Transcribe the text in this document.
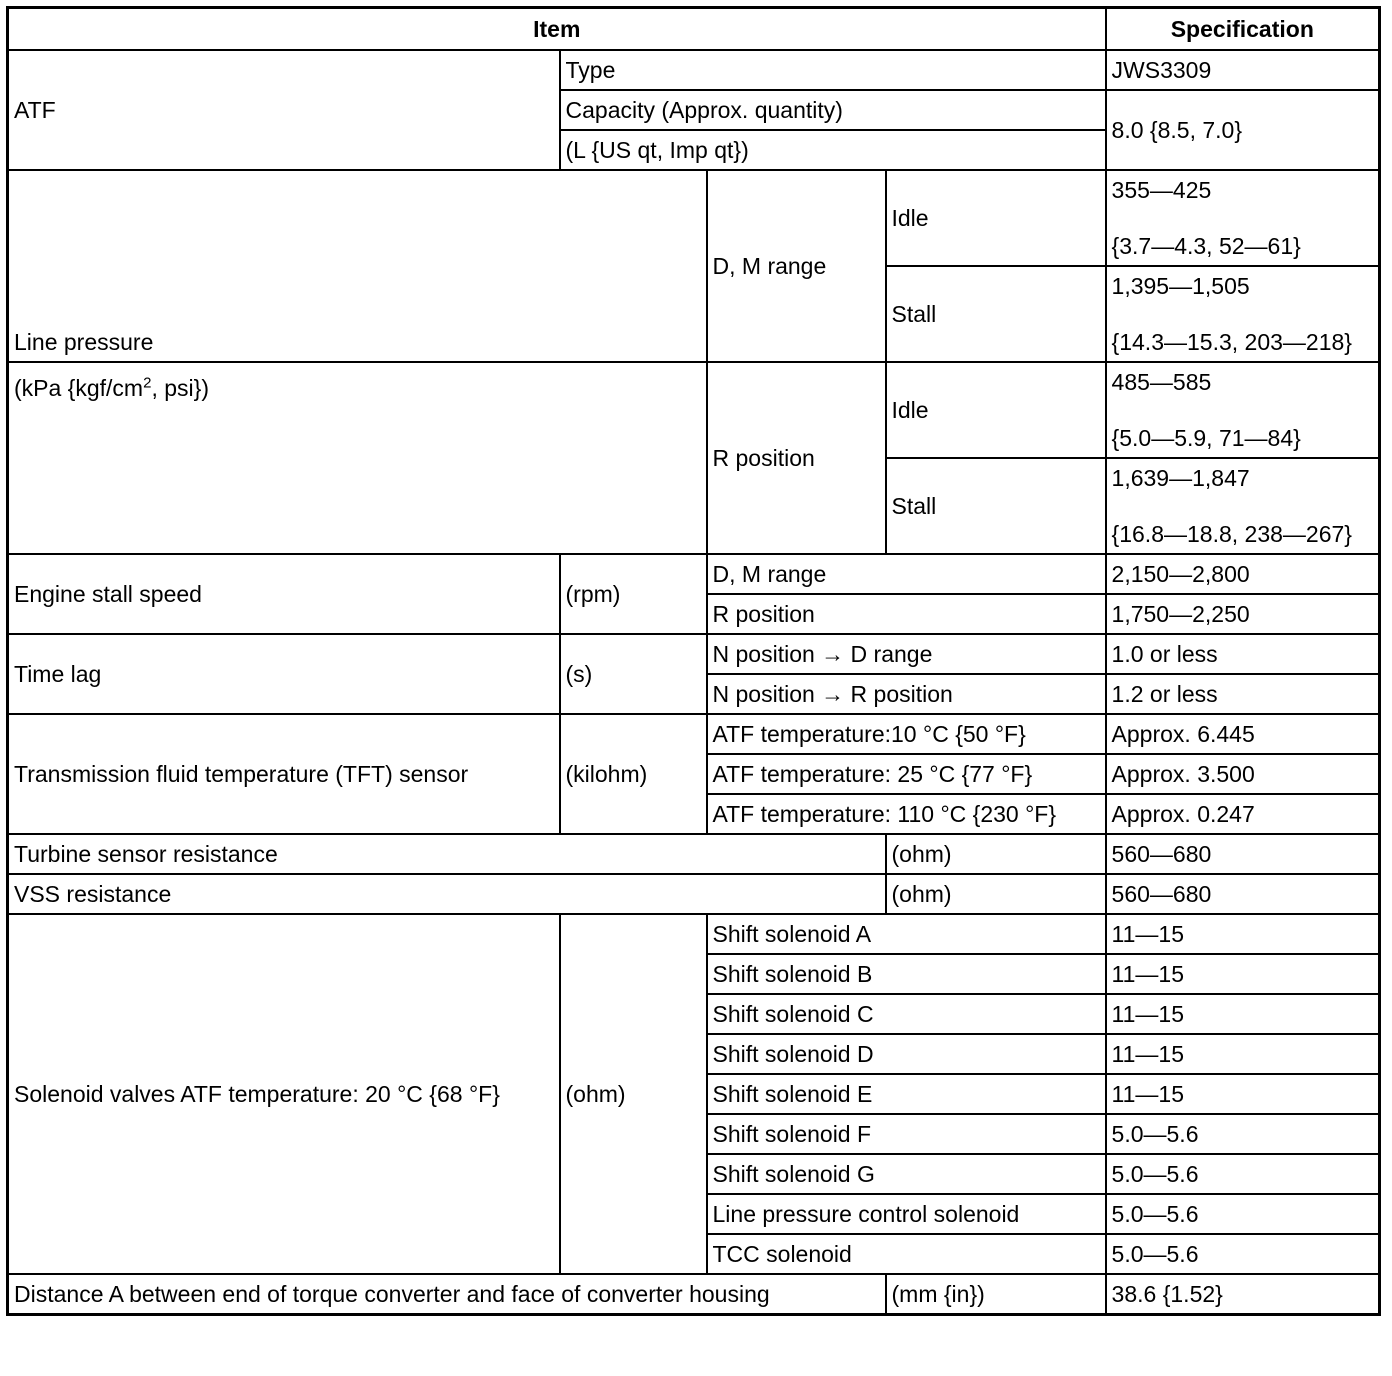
Item				Specification
ATF	Type			JWS3309
	Capacity (Approx. quantity)			8.0 {8.5, 7.0}
	(L {US qt, Imp qt})			
Line pressure		D, M range	Idle	355—425
{3.7—4.3, 52—61}

			Stall	1,395—1,505
{14.3—15.3, 203—218}

(kPa {$kgf/cm^2$, psi})		R position	Idle	485—585
{5.0—5.9, 71—84}

			Stall	1,639—1,847
{16.8—18.8, 238—267}

Engine stall speed	(rpm)	D, M range		2,150—2,800
		R position		1,750—2,250
Time lag	(s)	N position → D range		1.0 or less
		N position → R position		1.2 or less
Transmission fluid temperature (TFT) sensor	(kilohm)	ATF temperature:10 °C {50 °F}		Approx. 6.445
		ATF temperature: 25 °C {77 °F}		Approx. 3.500
		ATF temperature: 110 °C {230 °F}		Approx. 0.247
Turbine sensor resistance			(ohm)	560—680
VSS resistance			(ohm)	560—680
Solenoid valves ATF temperature: 20 °C {68 °F}	(ohm)	Shift solenoid A		11—15
		Shift solenoid B		11—15
		Shift solenoid C		11—15
		Shift solenoid D		11—15
		Shift solenoid E		11—15
		Shift solenoid F		5.0—5.6
		Shift solenoid G		5.0—5.6
		Line pressure control solenoid		5.0—5.6
		TCC solenoid		5.0—5.6
Distance A between end of torque converter and face of converter housing			(mm {in})	38.6 {1.52}
